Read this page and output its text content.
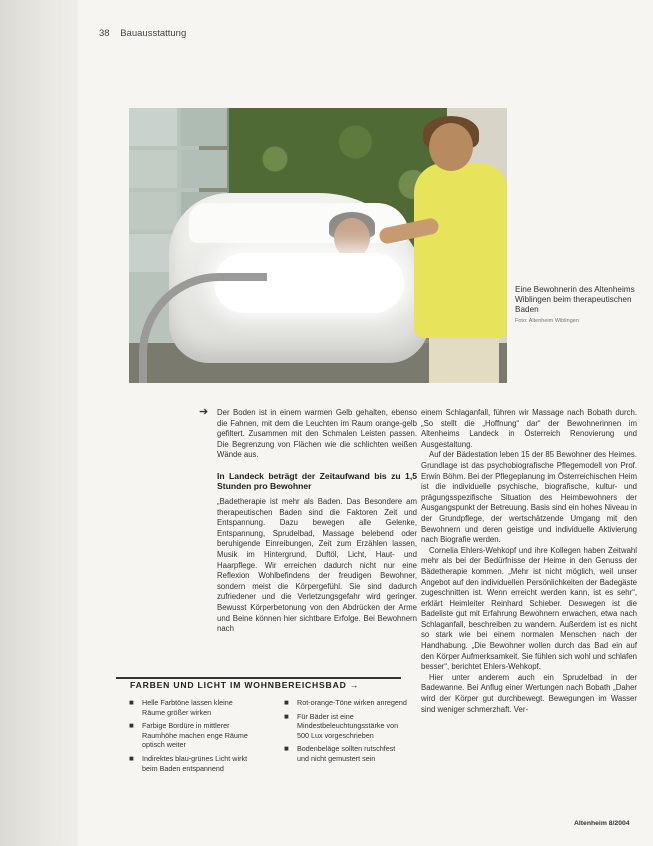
38 Bauausstattung
Eine Bewohnerin des Altenheims Wiblingen beim therapeutischen Baden
Foto: Altenheim Wiblingen
➔ Der Boden ist in einem warmen Gelb gehalten, ebenso die Fahnen, mit dem die Leuchten im Raum orange-gelb gefiltert. Zusammen mit den Schmalen Leisten passen. Die Begrenzung von Flächen wie die schlichten weißen Wände aus.

In Landeck beträgt der Zeitaufwand bis zu 1,5 Stunden pro Bewohner

„Badetherapie ist mehr als Baden. Das Besondere am therapeutischen Baden sind die Faktoren Zeit und Entspannung. Dazu bewegen alle Gelenke, Entspannung, Sprudelbad, Massage belebend oder beruhigende Einreibungen, Zeit zum Erzählen lassen, Musik im Hintergrund, Duftöl, Licht, Haut- und Haarpflege. Wir erreichen dadurch nicht nur eine Reflexion Wohlbefindens der freudigen Bewohner, sondern meist die Körpergefühl. Sie sind dadurch zufriedener und die Verletzungsgefahr wird geringer. Bewusst Körperbetonung von den Abdrücken der Arme und Beine können hier sichtbare Erfolge. Bei Bewohnern nach

einem Schlaganfall, führen wir Massage nach Bobath durch. „So stellt die „Hoffnung“ dar“ der Bewohnerinnen im Altenheims Landeck in Österreich Renovierung und Ausgestaltung.

Auf der Bädestation leben 15 der 85 Bewohner des Heimes. Grundlage ist das psychobiografische Pflegemodell von Prof. Erwin Böhm. Bei der Pflegeplanung im Österreichischen Heim ist die individuelle psychische, biografische, kultur- und prägungsspezifische Situation des Heimbewohners der Ausgangspunkt der Betreuung. Basis sind ein hohes Niveau in der Grundpflege, der wertschätzende Umgang mit den Bewohnern und deren geistige und individuelle Aktivierung nach Biografie werden.

Cornelia Ehlers-Wehkopf und ihre Kollegen haben Zeitwahl mehr als bei der Bedürfnisse der Heime in den Genuss der Bädetherapie kommen. „Mehr ist nicht möglich, weil unser Angebot auf den individuellen Persönlichkeiten der Badegäste zugeschnitten ist. Wenn erreicht werden kann, ist es sehr“, erklärt Heimleiter Reinhard Schieber. Deswegen ist die Badeliste gut mit Erfahrung Bewohnern erwachen, etwa nach Schlaganfall, beschreiben zu wandern. Außerdem ist es nicht so stark wie bei einem normalen Menschen nach der Handhabung. „Die Bewohner wollen durch das Bad ein auf den Körper Aufmerksamkeit. Sie fühlen sich wohl und schlafen besser“, berichtet Ehlers-Wehkopf.

Hier unter anderem auch ein Sprudelbad in der Badewanne. Bei Anflug einer Wertungen nach Bobath „Daher wird der Körper gut durchbewegt. Bewegungen im Wasser sind weniger schmerzhaft. Ver-

FARBEN UND LICHT IM WOHNBEREICHSBAD →
■ Helle Farbtöne lassen kleine Räume größer wirken
■ Farbige Bordüre in mittlerer Raumhöhe machen enge Räume optisch weiter
■ Indirektes blau-grünes Licht wirkt beim Baden entspannend
■ Rot-orange-Töne wirken anregend
■ Für Bäder ist eine Mindestbeleuchtungsstärke von 500 Lux vorgeschrieben
■ Bodenbeläge sollten rutschfest und nicht gemustert sein
Altenheim 8/2004
